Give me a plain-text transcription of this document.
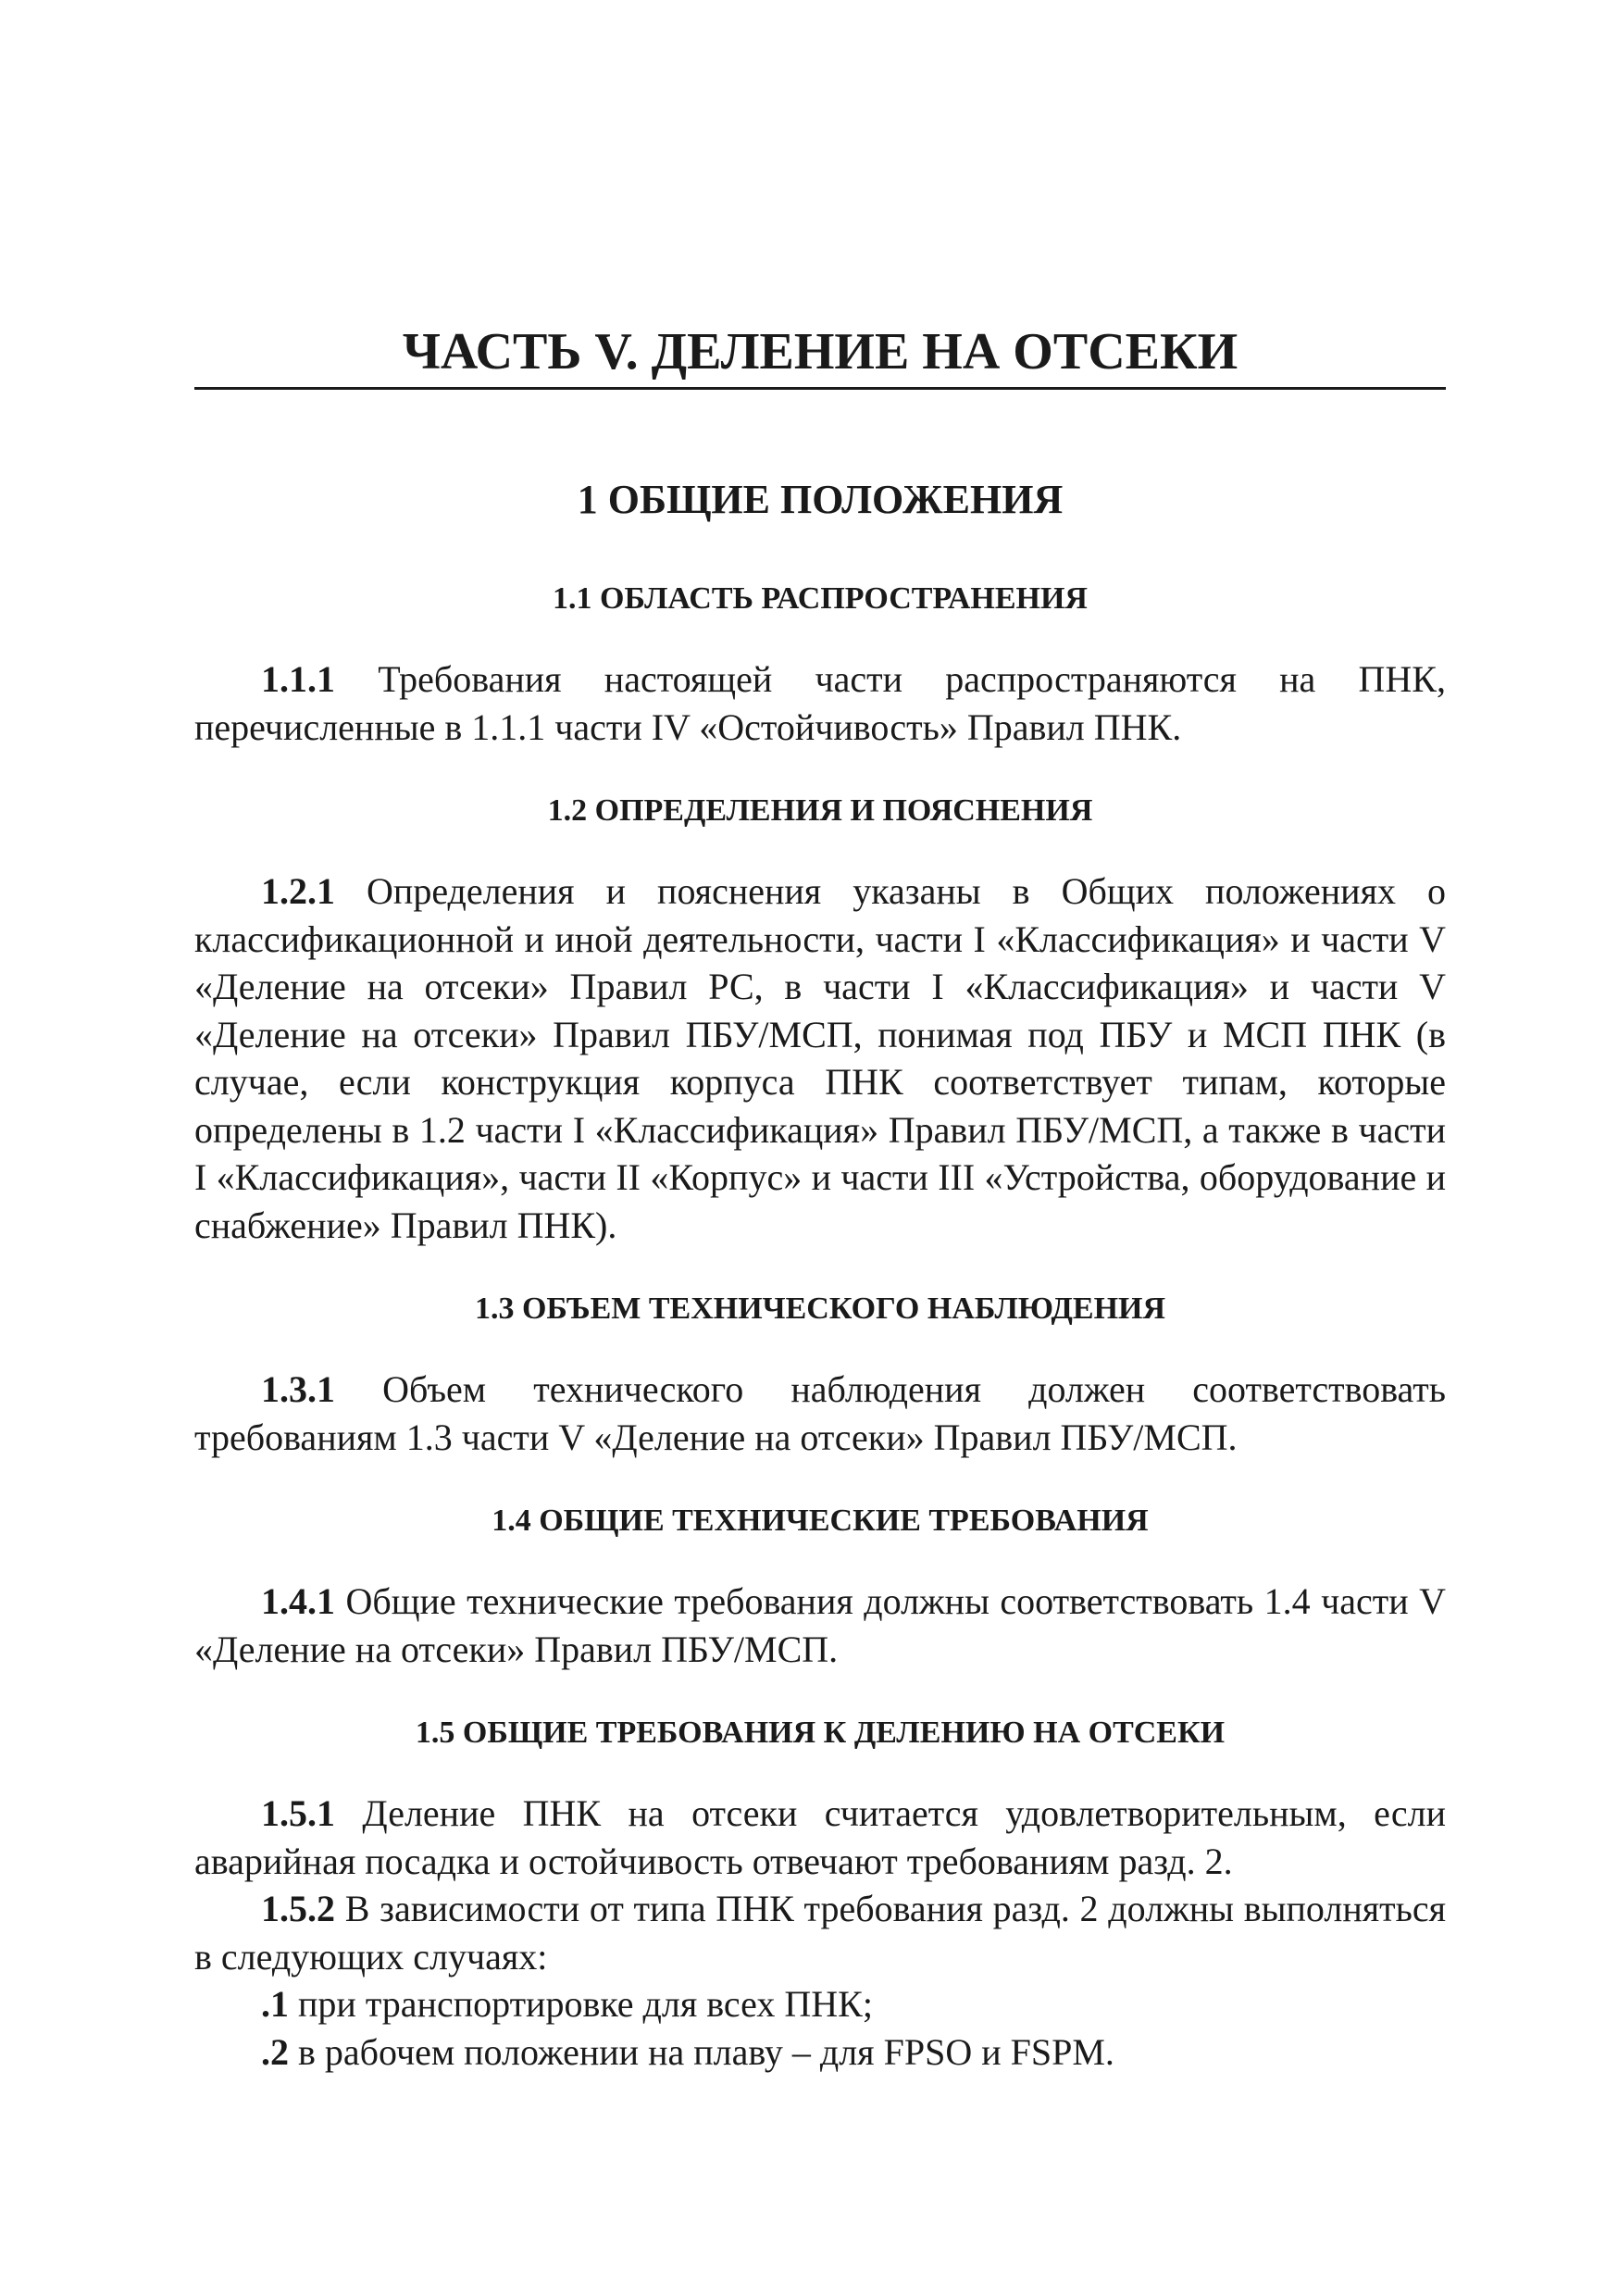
ЧАСТЬ V. ДЕЛЕНИЕ НА ОТСЕКИ
1 ОБЩИЕ ПОЛОЖЕНИЯ
1.1 ОБЛАСТЬ РАСПРОСТРАНЕНИЯ

1.1.1 Требования настоящей части распространяются на ПНК, перечисленные в 1.1.1 части IV «Остойчивость» Правил ПНК.

1.2 ОПРЕДЕЛЕНИЯ И ПОЯСНЕНИЯ

1.2.1 Определения и пояснения указаны в Общих положениях о классификационной и иной деятельности, части I «Классификация» и части V «Деление на отсеки» Правил РС, в части I «Классификация» и части V «Деление на отсеки» Правил ПБУ/МСП, понимая под ПБУ и МСП ПНК (в случае, если конструкция корпуса ПНК соответствует типам, которые определены в 1.2 части I «Классификация» Правил ПБУ/МСП, а также в части I «Классификация», части II «Корпус» и части III «Устройства, оборудование и снабжение» Правил ПНК).

1.3 ОБЪЕМ ТЕХНИЧЕСКОГО НАБЛЮДЕНИЯ

1.3.1 Объем технического наблюдения должен соответствовать требованиям 1.3 части V «Деление на отсеки» Правил ПБУ/МСП.

1.4 ОБЩИЕ ТЕХНИЧЕСКИЕ ТРЕБОВАНИЯ

1.4.1 Общие технические требования должны соответствовать 1.4 части V «Деление на отсеки» Правил ПБУ/МСП.

1.5 ОБЩИЕ ТРЕБОВАНИЯ К ДЕЛЕНИЮ НА ОТСЕКИ

1.5.1 Деление ПНК на отсеки считается удовлетворительным, если аварийная посадка и остойчивость отвечают требованиям разд. 2.

1.5.2 В зависимости от типа ПНК требования разд. 2 должны выполняться в следующих случаях:

.1 при транспортировке для всех ПНК;

.2 в рабочем положении на плаву – для FPSO и FSPM.
